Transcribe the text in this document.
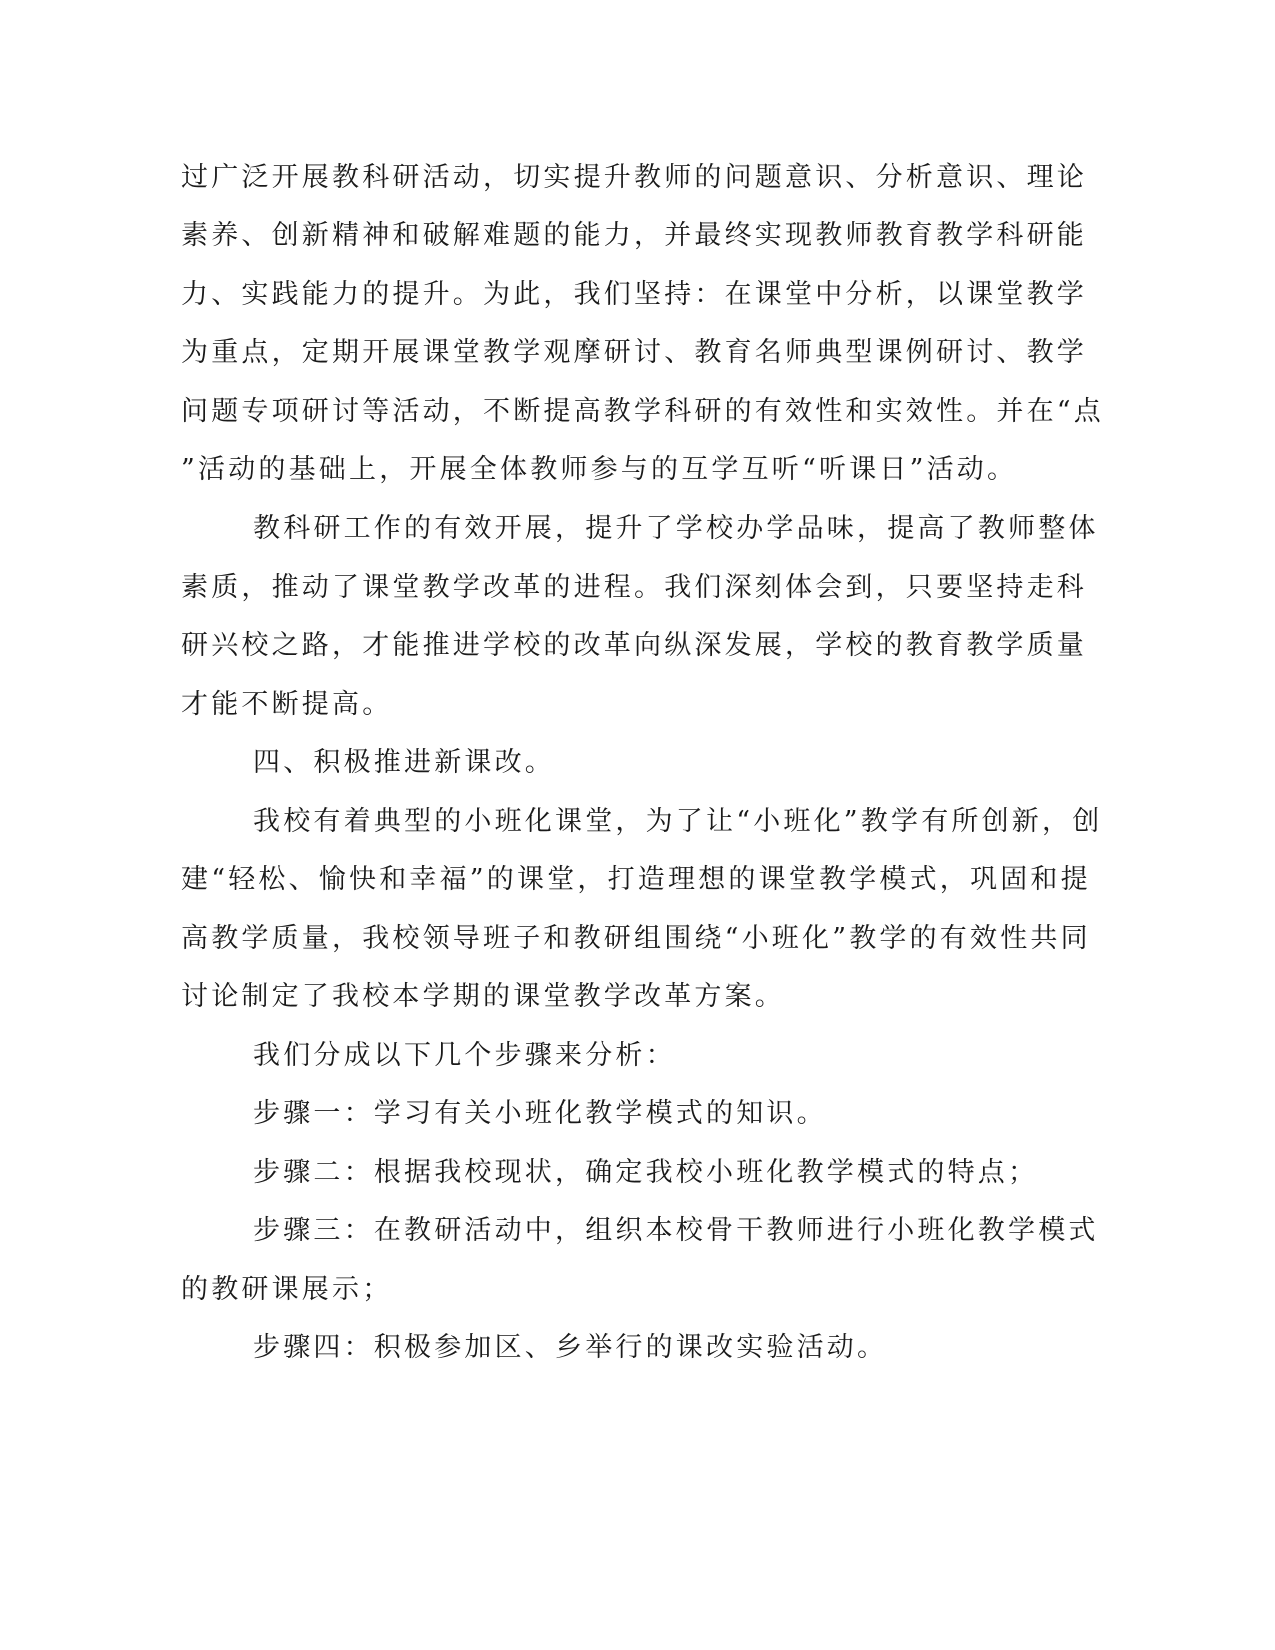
过广泛开展教科研活动，切实提升教师的问题意识、分析意识、理论
素养、创新精神和破解难题的能力，并最终实现教师教育教学科研能
力、实践能力的提升。为此，我们坚持：在课堂中分析，以课堂教学
为重点，定期开展课堂教学观摩研讨、教育名师典型课例研讨、教学
问题专项研讨等活动，不断提高教学科研的有效性和实效性。并在“点
”活动的基础上，开展全体教师参与的互学互听“听课日”活动。
教科研工作的有效开展，提升了学校办学品味，提高了教师整体
素质，推动了课堂教学改革的进程。我们深刻体会到，只要坚持走科
研兴校之路，才能推进学校的改革向纵深发展，学校的教育教学质量
才能不断提高。
四、积极推进新课改。
我校有着典型的小班化课堂，为了让“小班化”教学有所创新，创
建“轻松、愉快和幸福”的课堂，打造理想的课堂教学模式，巩固和提
高教学质量，我校领导班子和教研组围绕“小班化”教学的有效性共同
讨论制定了我校本学期的课堂教学改革方案。
我们分成以下几个步骤来分析：
步骤一：学习有关小班化教学模式的知识。
步骤二：根据我校现状，确定我校小班化教学模式的特点；
步骤三：在教研活动中，组织本校骨干教师进行小班化教学模式
的教研课展示；
步骤四：积极参加区、乡举行的课改实验活动。
